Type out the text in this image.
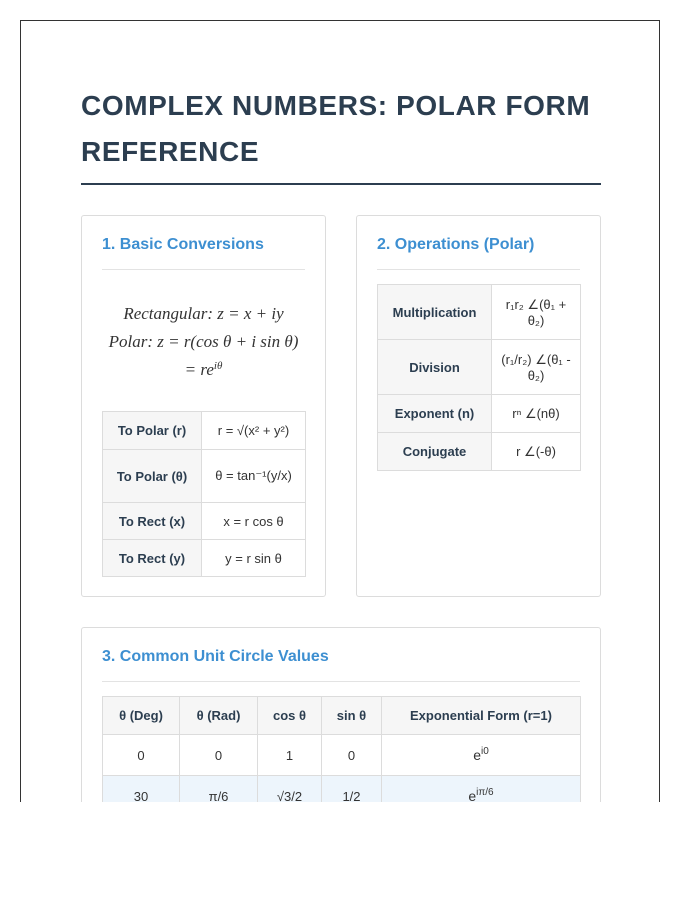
COMPLEX NUMBERS: POLAR FORM REFERENCE
1. Basic Conversions
Rectangular: z = x + iy
Polar: z = r(cos θ + i sin θ)
= $re^{i\theta}$
To Polar (r)	r = √(x² + y²)
To Polar (θ)	θ = tan⁻¹(y/x)
To Rect (x)	x = r cos θ
To Rect (y)	y = r sin θ
2. Operations (Polar)
Multiplication	r₁r₂ ∠(θ₁ + θ₂)
Division	(r₁/r₂) ∠(θ₁ - θ₂)
Exponent (n)	rⁿ ∠(nθ)
Conjugate	r ∠(-θ)
3. Common Unit Circle Values
θ (Deg)	θ (Rad)	cos θ	sin θ	Exponential Form (r=1)
0	0	1	0	$e^{i0}$
30	π/6	√3/2	1/2	$e^{i\pi/6}$
